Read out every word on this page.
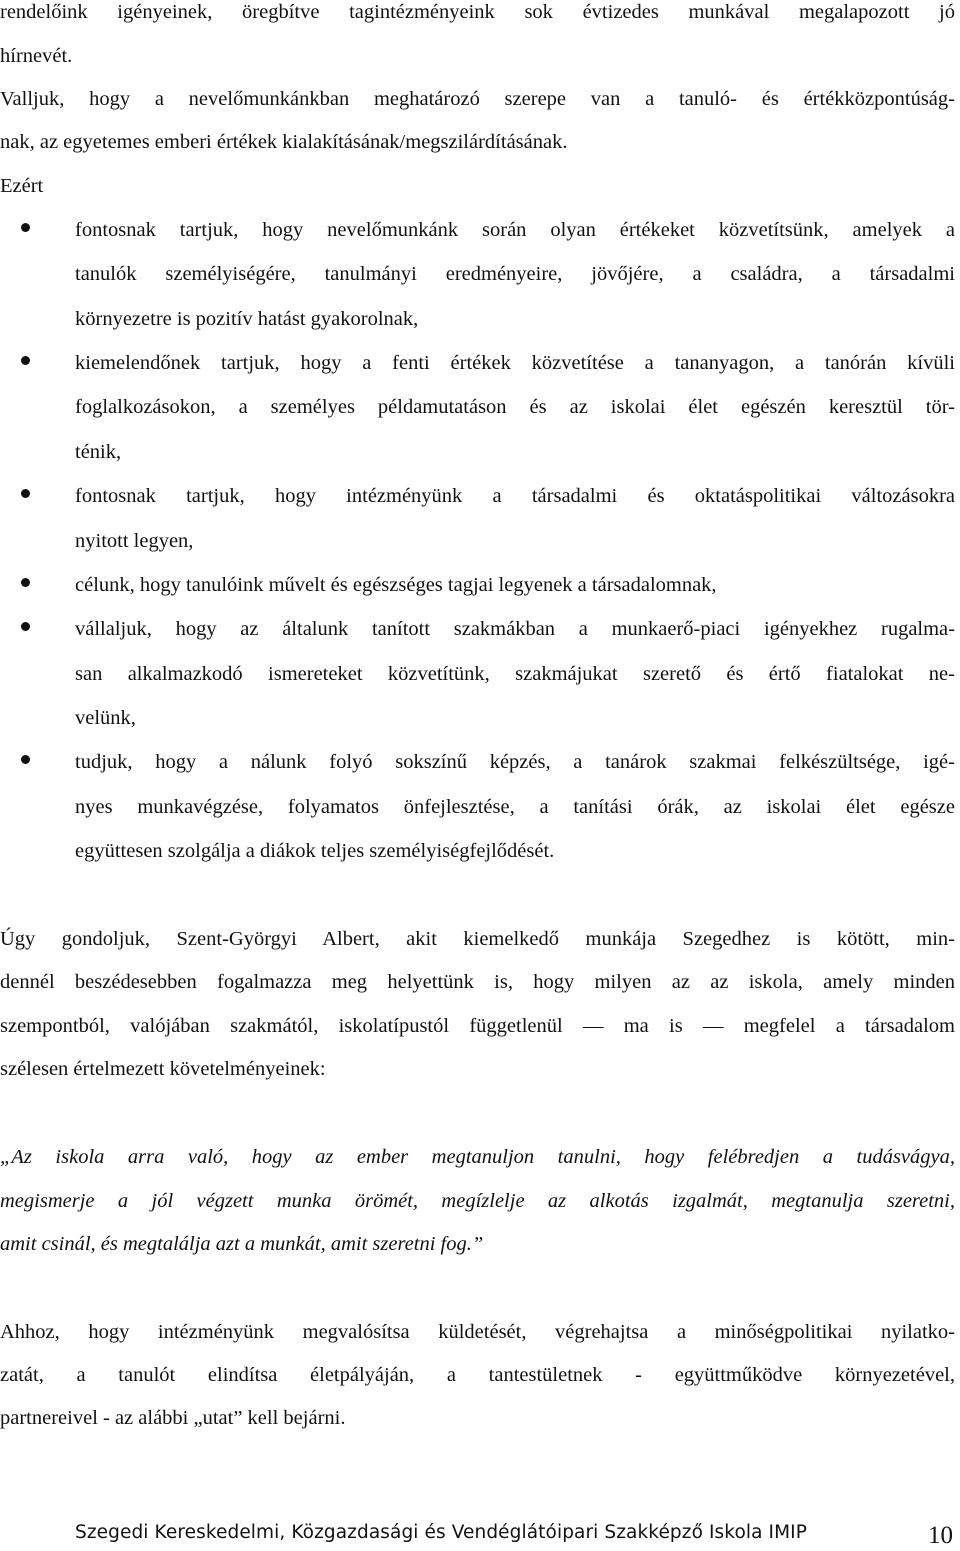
rendelőink igényeinek, öregbítve tagintézményeink sok évtizedes munkával megalapozott jó
hírnevét.
Valljuk, hogy a nevelőmunkánkban meghatározó szerepe van a tanuló- és értékközpontúság-
nak, az egyetemes emberi értékek kialakításának/megszilárdításának.
Ezért
fontosnak tartjuk, hogy nevelőmunkánk során olyan értékeket közvetítsünk, amelyek a
tanulók személyiségére, tanulmányi eredményeire, jövőjére, a családra, a társadalmi
környezetre is pozitív hatást gyakorolnak,
kiemelendőnek tartjuk, hogy a fenti értékek közvetítése a tananyagon, a tanórán kívüli
foglalkozásokon, a személyes példamutatáson és az iskolai élet egészén keresztül tör-
ténik,
fontosnak tartjuk, hogy intézményünk a társadalmi és oktatáspolitikai változásokra
nyitott legyen,
célunk, hogy tanulóink művelt és egészséges tagjai legyenek a társadalomnak,
vállaljuk, hogy az általunk tanított szakmákban a munkaerő-piaci igényekhez rugalma-
san alkalmazkodó ismereteket közvetítünk, szakmájukat szerető és értő fiatalokat ne-
velünk,
tudjuk, hogy a nálunk folyó sokszínű képzés, a tanárok szakmai felkészültsége, igé-
nyes munkavégzése, folyamatos önfejlesztése, a tanítási órák, az iskolai élet egésze
együttesen szolgálja a diákok teljes személyiségfejlődését.
Úgy gondoljuk, Szent-Györgyi Albert, akit kiemelkedő munkája Szegedhez is kötött, min-
dennél beszédesebben fogalmazza meg helyettünk is, hogy milyen az az iskola, amely minden
szempontból, valójában szakmától, iskolatípustól függetlenül — ma is — megfelel a társadalom
szélesen értelmezett követelményeinek:
„Az iskola arra való, hogy az ember megtanuljon tanulni, hogy felébredjen a tudásvágya,
megismerje a jól végzett munka örömét, megízlelje az alkotás izgalmát, megtanulja szeretni,
amit csinál, és megtalálja azt a munkát, amit szeretni fog.”
Ahhoz, hogy intézményünk megvalósítsa küldetését, végrehajtsa a minőségpolitikai nyilatko-
zatát, a tanulót elindítsa életpályáján, a tantestületnek - együttműködve környezetével,
partnereivel - az alábbi „utat” kell bejárni.
Szegedi Kereskedelmi, Közgazdasági és Vendéglátóipari Szakképző Iskola IMIP	10
